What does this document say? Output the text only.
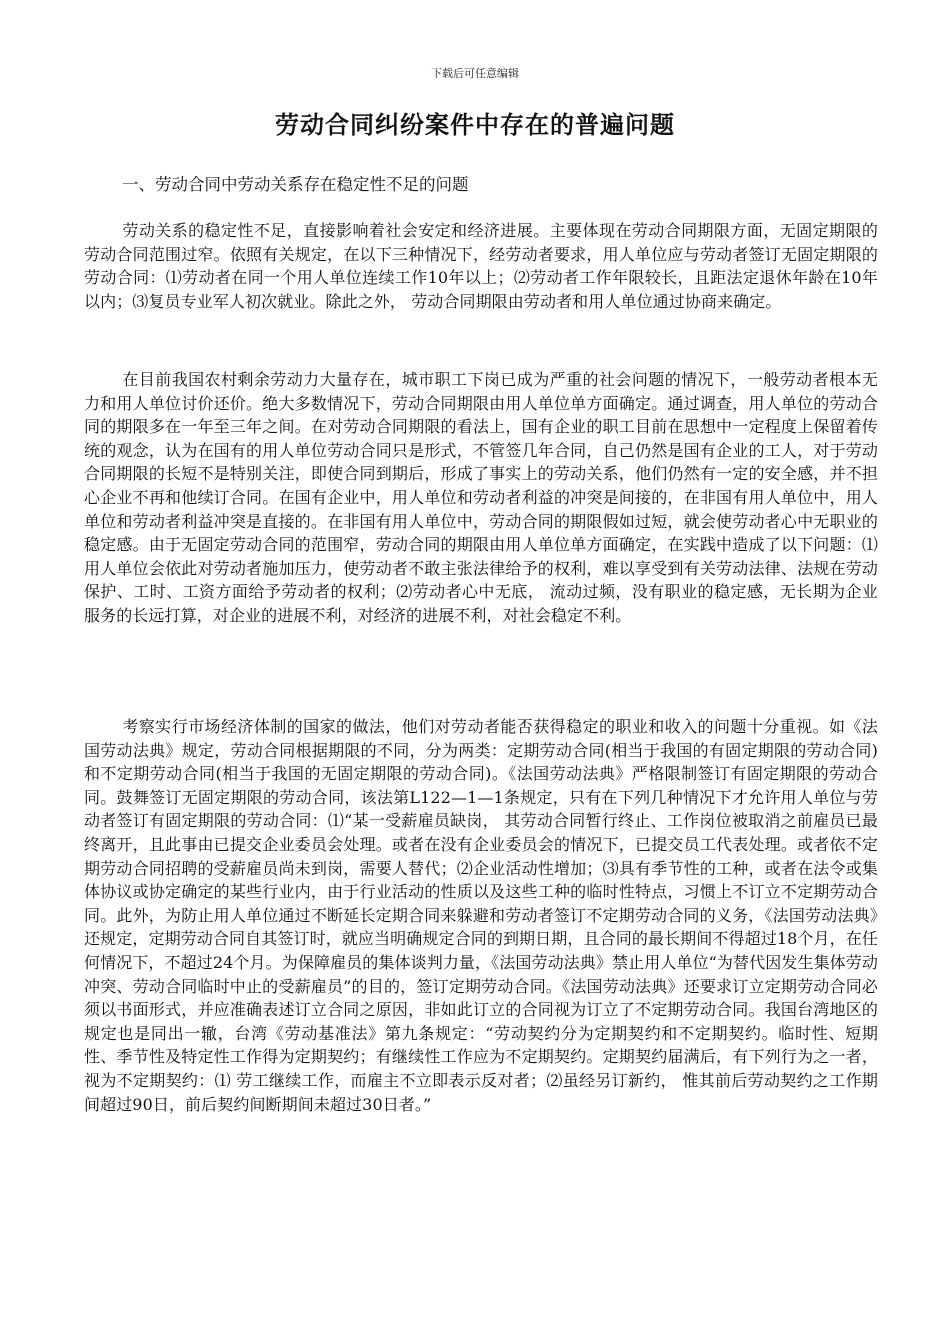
下载后可任意编辑
劳动合同纠纷案件中存在的普遍问题
一、劳动合同中劳动关系存在稳定性不足的问题

劳动关系的稳定性不足，直接影响着社会安定和经济进展。主要体现在劳动合同期限方面，无固定期限的劳动合同范围过窄。依照有关规定，在以下三种情况下，经劳动者要求，用人单位应与劳动者签订无固定期限的劳动合同：⑴劳动者在同一个用人单位连续工作10年以上；⑵劳动者工作年限较长，且距法定退休年龄在10年以内；⑶复员专业军人初次就业。除此之外， 劳动合同期限由劳动者和用人单位通过协商来确定。

在目前我国农村剩余劳动力大量存在，城市职工下岗已成为严重的社会问题的情况下，一般劳动者根本无力和用人单位讨价还价。绝大多数情况下，劳动合同期限由用人单位单方面确定。通过调查，用人单位的劳动合同的期限多在一年至三年之间。在对劳动合同期限的看法上，国有企业的职工目前在思想中一定程度上保留着传统的观念，认为在国有的用人单位劳动合同只是形式，不管签几年合同，自己仍然是国有企业的工人，对于劳动合同期限的长短不是特别关注，即使合同到期后，形成了事实上的劳动关系，他们仍然有一定的安全感，并不担心企业不再和他续订合同。在国有企业中，用人单位和劳动者利益的冲突是间接的，在非国有用人单位中，用人单位和劳动者利益冲突是直接的。在非国有用人单位中，劳动合同的期限假如过短，就会使劳动者心中无职业的稳定感。由于无固定劳动合同的范围窄，劳动合同的期限由用人单位单方面确定，在实践中造成了以下问题：⑴用人单位会依此对劳动者施加压力，使劳动者不敢主张法律给予的权利，难以享受到有关劳动法律、法规在劳动保护、工时、工资方面给予劳动者的权利；⑵劳动者心中无底， 流动过频，没有职业的稳定感，无长期为企业服务的长远打算，对企业的进展不利，对经济的进展不利，对社会稳定不利。

考察实行市场经济体制的国家的做法，他们对劳动者能否获得稳定的职业和收入的问题十分重视。如《法国劳动法典》规定，劳动合同根据期限的不同，分为两类：定期劳动合同(相当于我国的有固定期限的劳动合同)和不定期劳动合同(相当于我国的无固定期限的劳动合同)。《法国劳动法典》严格限制签订有固定期限的劳动合同。鼓舞签订无固定期限的劳动合同，该法第L122—1—1条规定，只有在下列几种情况下才允许用人单位与劳动者签订有固定期限的劳动合同：⑴“某一受薪雇员缺岗， 其劳动合同暂行终止、工作岗位被取消之前雇员已最终离开，且此事由已提交企业委员会处理。或者在没有企业委员会的情况下，已提交员工代表处理。或者依不定期劳动合同招聘的受薪雇员尚未到岗，需要人替代；⑵企业活动性增加；⑶具有季节性的工种，或者在法令或集体协议或协定确定的某些行业内，由于行业活动的性质以及这些工种的临时性特点，习惯上不订立不定期劳动合同。此外，为防止用人单位通过不断延长定期合同来躲避和劳动者签订不定期劳动合同的义务，《法国劳动法典》还规定，定期劳动合同自其签订时，就应当明确规定合同的到期日期，且合同的最长期间不得超过18个月，在任何情况下，不超过24个月。为保障雇员的集体谈判力量，《法国劳动法典》禁止用人单位“为替代因发生集体劳动冲突、劳动合同临时中止的受薪雇员”的目的，签订定期劳动合同。《法国劳动法典》还要求订立定期劳动合同必须以书面形式，并应准确表述订立合同之原因，非如此订立的合同视为订立了不定期劳动合同。我国台湾地区的规定也是同出一辙，台湾《劳动基准法》第九条规定：“劳动契约分为定期契约和不定期契约。临时性、短期性、季节性及特定性工作得为定期契约；有继续性工作应为不定期契约。定期契约届满后，有下列行为之一者，视为不定期契约：⑴ 劳工继续工作，而雇主不立即表示反对者；⑵虽经另订新约， 惟其前后劳动契约之工作期间超过90日，前后契约间断期间未超过30日者。”
